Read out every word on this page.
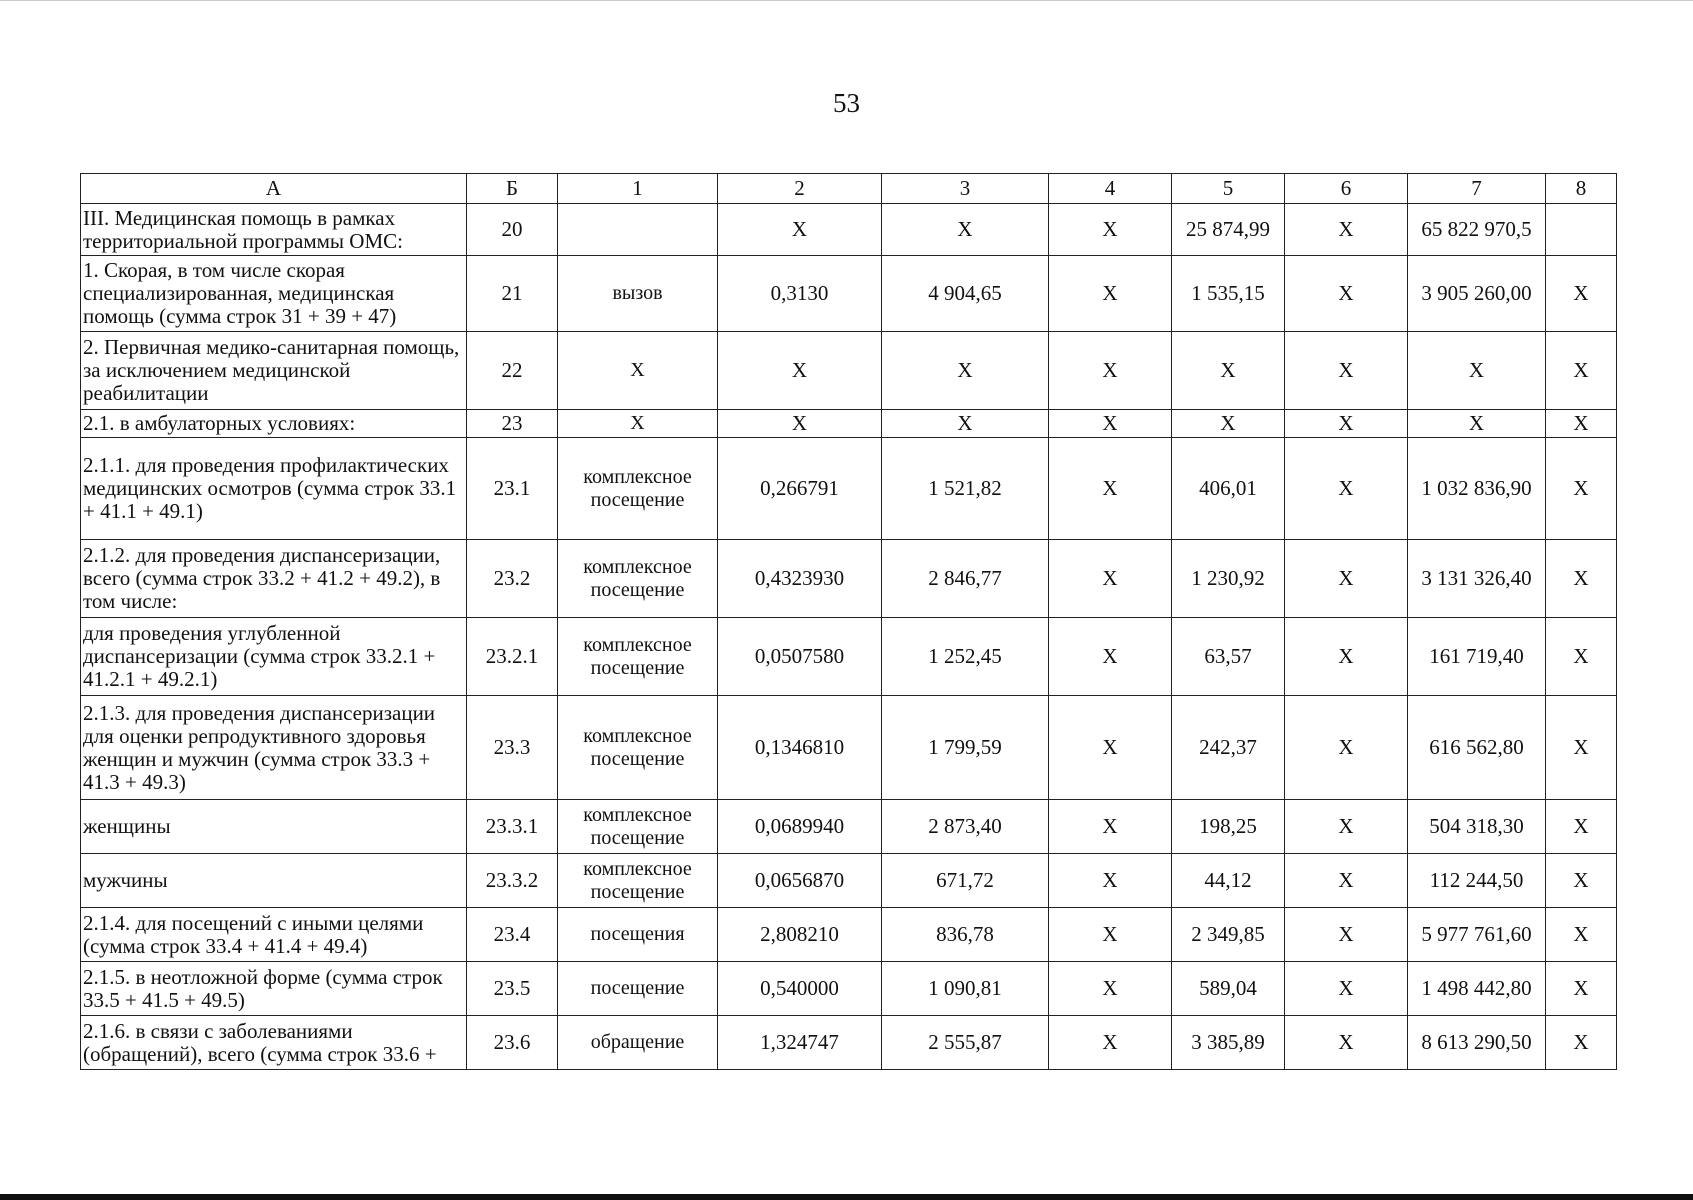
53
А	Б	1	2	3	4	5	6	7	8
III. Медицинская помощь в рамках территориальной программы ОМС:	20		X	X	X	25 874,99	X	65 822 970,5	
1. Скорая, в том числе скорая специализированная, медицинская помощь (сумма строк 31 + 39 + 47)	21	вызов	0,3130	4 904,65	X	1 535,15	X	3 905 260,00	X
2. Первичная медико-санитарная помощь, за исключением медицинской реабилитации	22	X	X	X	X	X	X	X	X
2.1. в амбулаторных условиях:	23	X	X	X	X	X	X	X	X
2.1.1. для проведения профилактических медицинских осмотров (сумма строк 33.1 + 41.1 + 49.1)	23.1	комплексное посещение	0,266791	1 521,82	X	406,01	X	1 032 836,90	X
2.1.2. для проведения диспансеризации, всего (сумма строк 33.2 + 41.2 + 49.2), в том числе:	23.2	комплексное посещение	0,4323930	2 846,77	X	1 230,92	X	3 131 326,40	X
для проведения углубленной диспансеризации (сумма строк 33.2.1 + 41.2.1 + 49.2.1)	23.2.1	комплексное посещение	0,0507580	1 252,45	X	63,57	X	161 719,40	X
2.1.3. для проведения диспансеризации для оценки репродуктивного здоровья женщин и мужчин (сумма строк 33.3 + 41.3 + 49.3)	23.3	комплексное посещение	0,1346810	1 799,59	X	242,37	X	616 562,80	X
женщины	23.3.1	комплексное посещение	0,0689940	2 873,40	X	198,25	X	504 318,30	X
мужчины	23.3.2	комплексное посещение	0,0656870	671,72	X	44,12	X	112 244,50	X
2.1.4. для посещений с иными целями (сумма строк 33.4 + 41.4 + 49.4)	23.4	посещения	2,808210	836,78	X	2 349,85	X	5 977 761,60	X
2.1.5. в неотложной форме (сумма строк 33.5 + 41.5 + 49.5)	23.5	посещение	0,540000	1 090,81	X	589,04	X	1 498 442,80	X
2.1.6. в связи с заболеваниями (обращений), всего (сумма строк 33.6 +	23.6	обращение	1,324747	2 555,87	X	3 385,89	X	8 613 290,50	X
